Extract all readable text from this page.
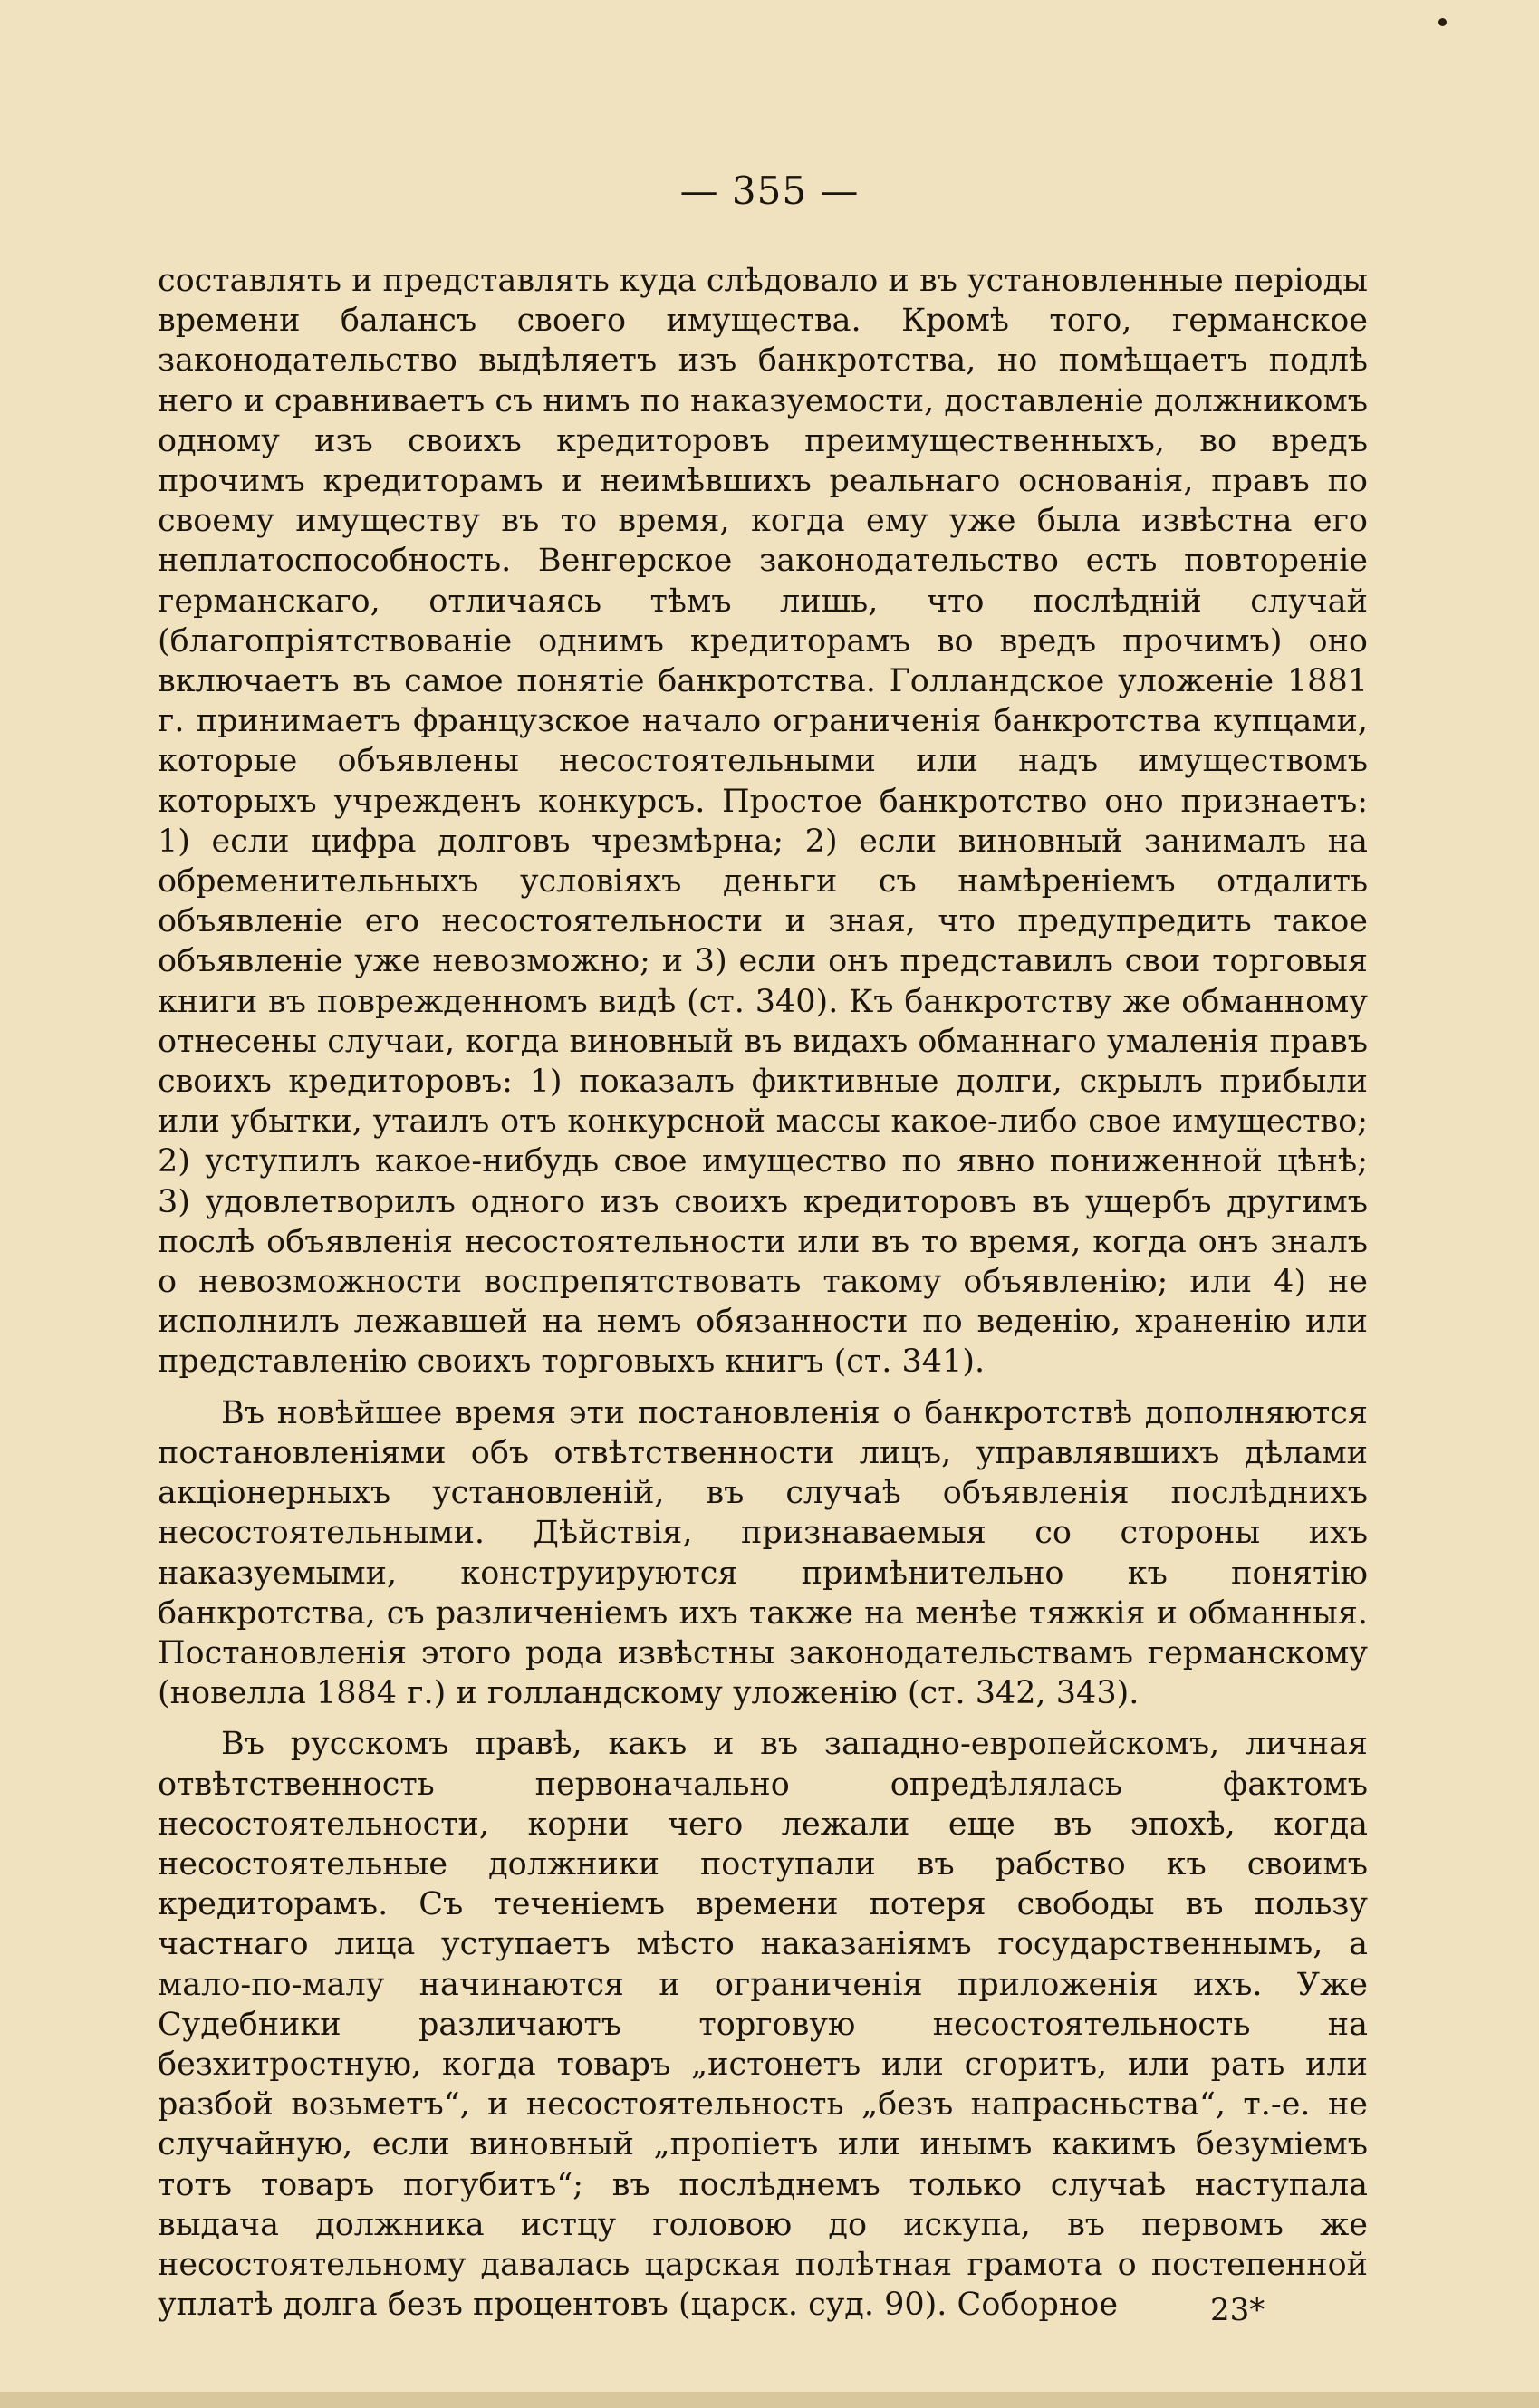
— 355 —

составлять и представлять куда слѣдовало и въ установленные періоды времени балансъ своего имущества. Кромѣ того, германское законодательство выдѣляетъ изъ банкротства, но помѣщаетъ подлѣ него и сравниваетъ съ нимъ по наказуемости, доставленіе должникомъ одному изъ своихъ кредиторовъ преимущественныхъ, во вредъ прочимъ кредиторамъ и неимѣвшихъ реальнаго основанія, правъ по своему имуществу въ то время, когда ему уже была извѣстна его неплатоспособность. Венгерское законодательство есть повтореніе германскаго, отличаясь тѣмъ лишь, что послѣдній случай (благопріятствованіе однимъ кредиторамъ во вредъ прочимъ) оно включаетъ въ самое понятіе банкротства. Голландское уложеніе 1881 г. принимаетъ французское начало ограниченія банкротства купцами, которые объявлены несостоятельными или надъ имуществомъ которыхъ учрежденъ конкурсъ. Простое банкротство оно признаетъ: 1) если цифра долговъ чрезмѣрна; 2) если виновный занималъ на обременительныхъ условіяхъ деньги съ намѣреніемъ отдалить объявленіе его несостоятельности и зная, что предупредить такое объявленіе уже невозможно; и 3) если онъ представилъ свои торговыя книги въ поврежденномъ видѣ (ст. 340). Къ банкротству же обманному отнесены случаи, когда виновный въ видахъ обманнаго умаленія правъ своихъ кредиторовъ: 1) показалъ фиктивные долги, скрылъ прибыли или убытки, утаилъ отъ конкурсной массы какое-либо свое имущество; 2) уступилъ какое-нибудь свое имущество по явно пониженной цѣнѣ; 3) удовлетворилъ одного изъ своихъ кредиторовъ въ ущербъ другимъ послѣ объявленія несостоятельности или въ то время, когда онъ зналъ о невозможности воспрепятствовать такому объявленію; или 4) не исполнилъ лежавшей на немъ обязанности по веденію, храненію или представленію своихъ торговыхъ книгъ (ст. 341).

Въ новѣйшее время эти постановленія о банкротствѣ дополняются постановленіями объ отвѣтственности лицъ, управлявшихъ дѣлами акціонерныхъ установленій, въ случаѣ объявленія послѣднихъ несостоятельными. Дѣйствія, признаваемыя со стороны ихъ наказуемыми, конструируются примѣнительно къ понятію банкротства, съ различеніемъ ихъ также на менѣе тяжкія и обманныя. Постановленія этого рода извѣстны законодательствамъ германскому (новелла 1884 г.) и голландскому уложенію (ст. 342, 343).

Въ русскомъ правѣ, какъ и въ западно-европейскомъ, личная отвѣтственность первоначально опредѣлялась фактомъ несостоятельности, корни чего лежали еще въ эпохѣ, когда несостоятельные должники поступали въ рабство къ своимъ кредиторамъ. Съ теченіемъ времени потеря свободы въ пользу частнаго лица уступаетъ мѣсто наказаніямъ государственнымъ, а мало-по-малу начинаются и ограниченія приложенія ихъ. Уже Судебники различаютъ торговую несостоятельность на безхитростную, когда товаръ „истонетъ или сгоритъ, или рать или разбой возьметъ“, и несостоятельность „безъ напрасньства“, т.-е. не случайную, если виновный „пропіетъ или инымъ какимъ безуміемъ тотъ товаръ погубитъ“; въ послѣднемъ только случаѣ наступала выдача должника истцу головою до искупа, въ первомъ же несостоятельному давалась царская полѣтная грамота о постепенной уплатѣ долга безъ процентовъ (царск. суд. 90). Соборное	23*
